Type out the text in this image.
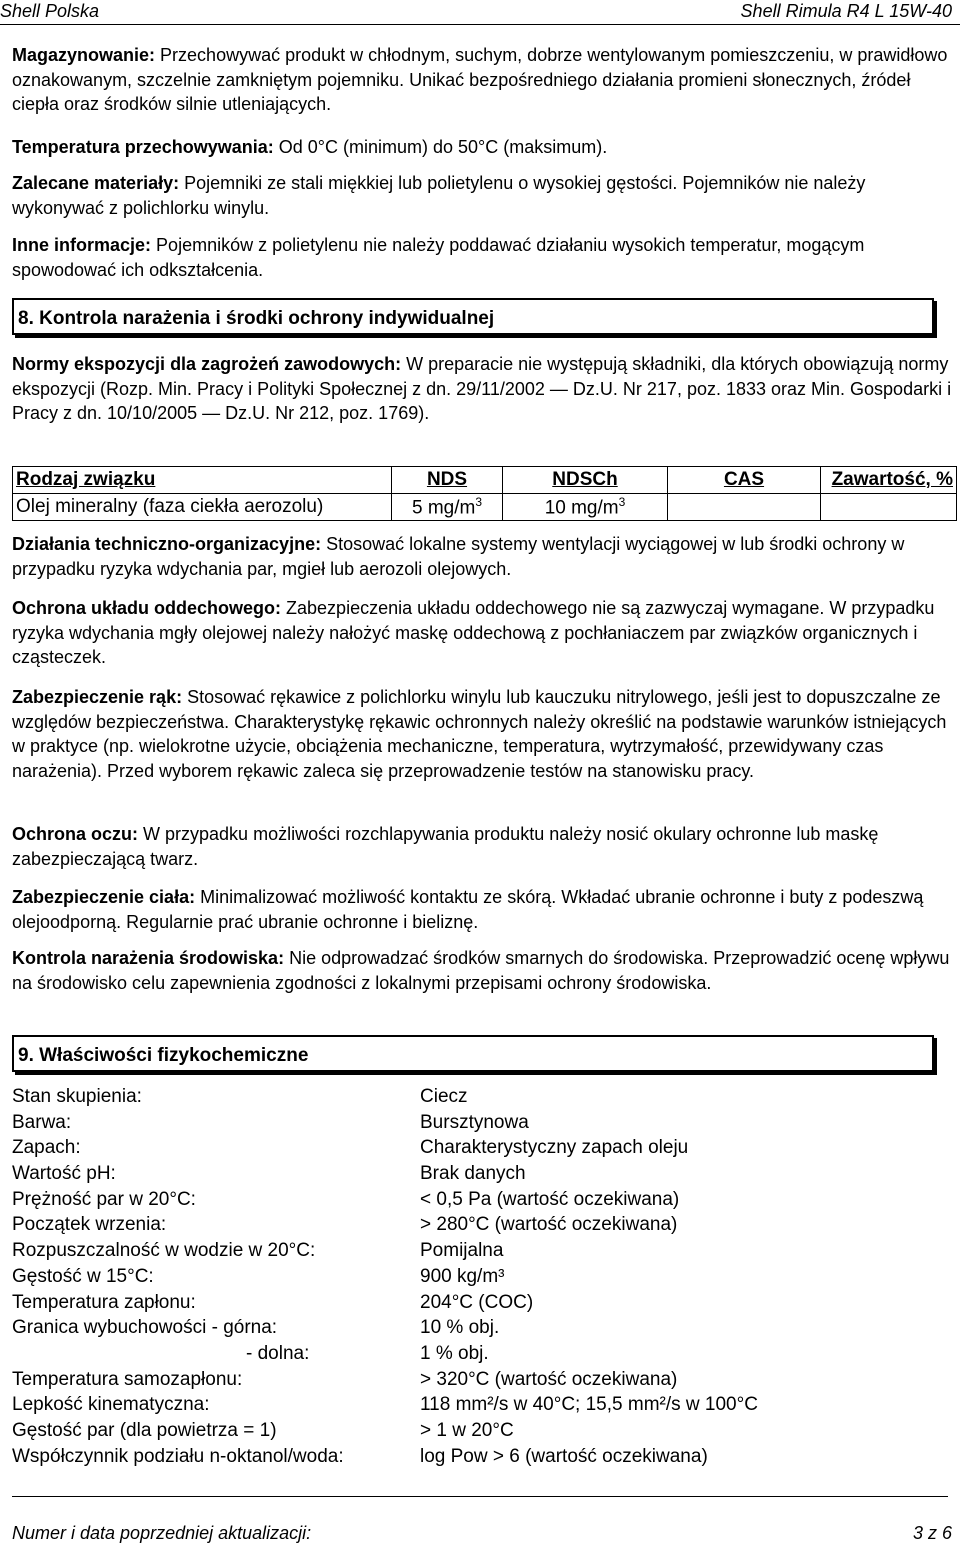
Shell Polska	Shell Rimula R4 L 15W-40
Magazynowanie: Przechowywać produkt w chłodnym, suchym, dobrze wentylowanym pomieszczeniu, w prawidłowo oznakowanym, szczelnie zamkniętym pojemniku. Unikać bezpośredniego działania promieni słonecznych, źródeł ciepła oraz środków silnie utleniających.
Temperatura przechowywania: Od 0°C (minimum) do 50°C (maksimum).
Zalecane materiały: Pojemniki ze stali miękkiej lub polietylenu o wysokiej gęstości. Pojemników nie należy wykonywać z polichlorku winylu.
Inne informacje: Pojemników z polietylenu nie należy poddawać działaniu wysokich temperatur, mogącym spowodować ich odkształcenia.
8. Kontrola narażenia i środki ochrony indywidualnej
Normy ekspozycji dla zagrożeń zawodowych: W preparacie nie występują składniki, dla których obowiązują normy ekspozycji (Rozp. Min. Pracy i Polityki Społecznej z dn. 29/11/2002 — Dz.U. Nr 217, poz. 1833 oraz Min. Gospodarki i Pracy z dn. 10/10/2005 — Dz.U. Nr 212, poz. 1769).
Rodzaj związku	NDS	NDSCh	CAS	Zawartość, %
Olej mineralny (faza ciekła aerozolu)	5 $mg/m^3$	10 $mg/m^3$		
Działania techniczno-organizacyjne: Stosować lokalne systemy wentylacji wyciągowej w lub środki ochrony w przypadku ryzyka wdychania par, mgieł lub aerozoli olejowych.
Ochrona układu oddechowego: Zabezpieczenia układu oddechowego nie są zazwyczaj wymagane. W przypadku ryzyka wdychania mgły olejowej należy nałożyć maskę oddechową z pochłaniaczem par związków organicznych i cząsteczek.
Zabezpieczenie rąk: Stosować rękawice z polichlorku winylu lub kauczuku nitrylowego, jeśli jest to dopuszczalne ze względów bezpieczeństwa. Charakterystykę rękawic ochronnych należy określić na podstawie warunków istniejących w praktyce (np. wielokrotne użycie, obciążenia mechaniczne, temperatura, wytrzymałość, przewidywany czas narażenia). Przed wyborem rękawic zaleca się przeprowadzenie testów na stanowisku pracy.
Ochrona oczu: W przypadku możliwości rozchlapywania produktu należy nosić okulary ochronne lub maskę zabezpieczającą twarz.
Zabezpieczenie ciała: Minimalizować możliwość kontaktu ze skórą. Wkładać ubranie ochronne i buty z podeszwą olejoodporną. Regularnie prać ubranie ochronne i bieliznę.
Kontrola narażenia środowiska: Nie odprowadzać środków smarnych do środowiska. Przeprowadzić ocenę wpływu na środowisko celu zapewnienia zgodności z lokalnymi przepisami ochrony środowiska.
9. Właściwości fizykochemiczne
Stan skupienia:	Ciecz
Barwa:	Bursztynowa
Zapach:	Charakterystyczny zapach oleju
Wartość pH:	Brak danych
Prężność par w 20°C:	< 0,5 Pa (wartość oczekiwana)
Początek wrzenia:	> 280°C (wartość oczekiwana)
Rozpuszczalność w wodzie w 20°C:	Pomijalna
Gęstość w 15°C:	900 kg/m³
Temperatura zapłonu:	204°C (COC)
Granica wybuchowości - górna:	10 % obj.
- dolna:	1 % obj.
Temperatura samozapłonu:	> 320°C (wartość oczekiwana)
Lepkość kinematyczna:	118 mm²/s w 40°C; 15,5 mm²/s w 100°C
Gęstość par (dla powietrza = 1)	> 1 w 20°C
Współczynnik podziału n-oktanol/woda:	log Pow > 6 (wartość oczekiwana)
Numer i data poprzedniej aktualizacji:	3 z 6
